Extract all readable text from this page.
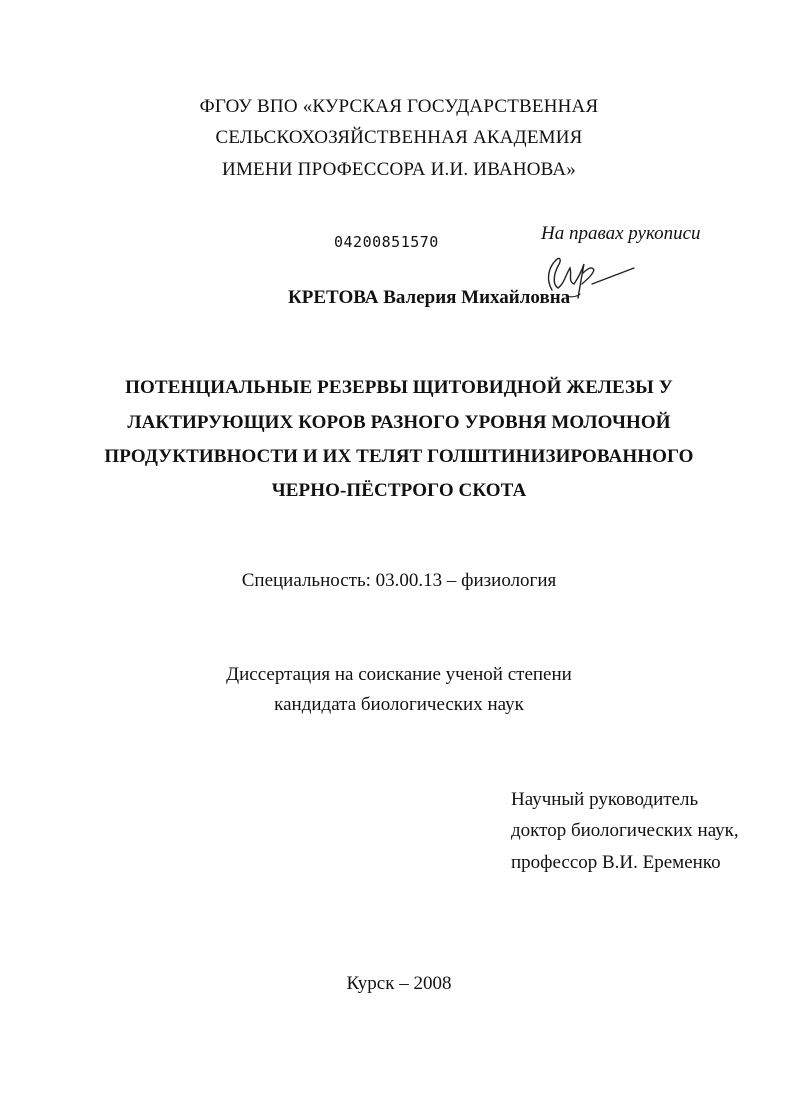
ФГОУ ВПО «КУРСКАЯ ГОСУДАРСТВЕННАЯ
СЕЛЬСКОХОЗЯЙСТВЕННАЯ АКАДЕМИЯ
ИМЕНИ ПРОФЕССОРА И.И. ИВАНОВА»
04200851570	На правах рукописи
КРЕТОВА Валерия Михайловна
ПОТЕНЦИАЛЬНЫЕ РЕЗЕРВЫ ЩИТОВИДНОЙ ЖЕЛЕЗЫ У
ЛАКТИРУЮЩИХ КОРОВ РАЗНОГО УРОВНЯ МОЛОЧНОЙ
ПРОДУКТИВНОСТИ И ИХ ТЕЛЯТ ГОЛШТИНИЗИРОВАННОГО
ЧЕРНО-ПЁСТРОГО СКОТА
Специальность: 03.00.13 – физиология
Диссертация на соискание ученой степени
кандидата биологических наук
Научный руководитель
доктор биологических наук,
профессор В.И. Еременко
Курск – 2008
